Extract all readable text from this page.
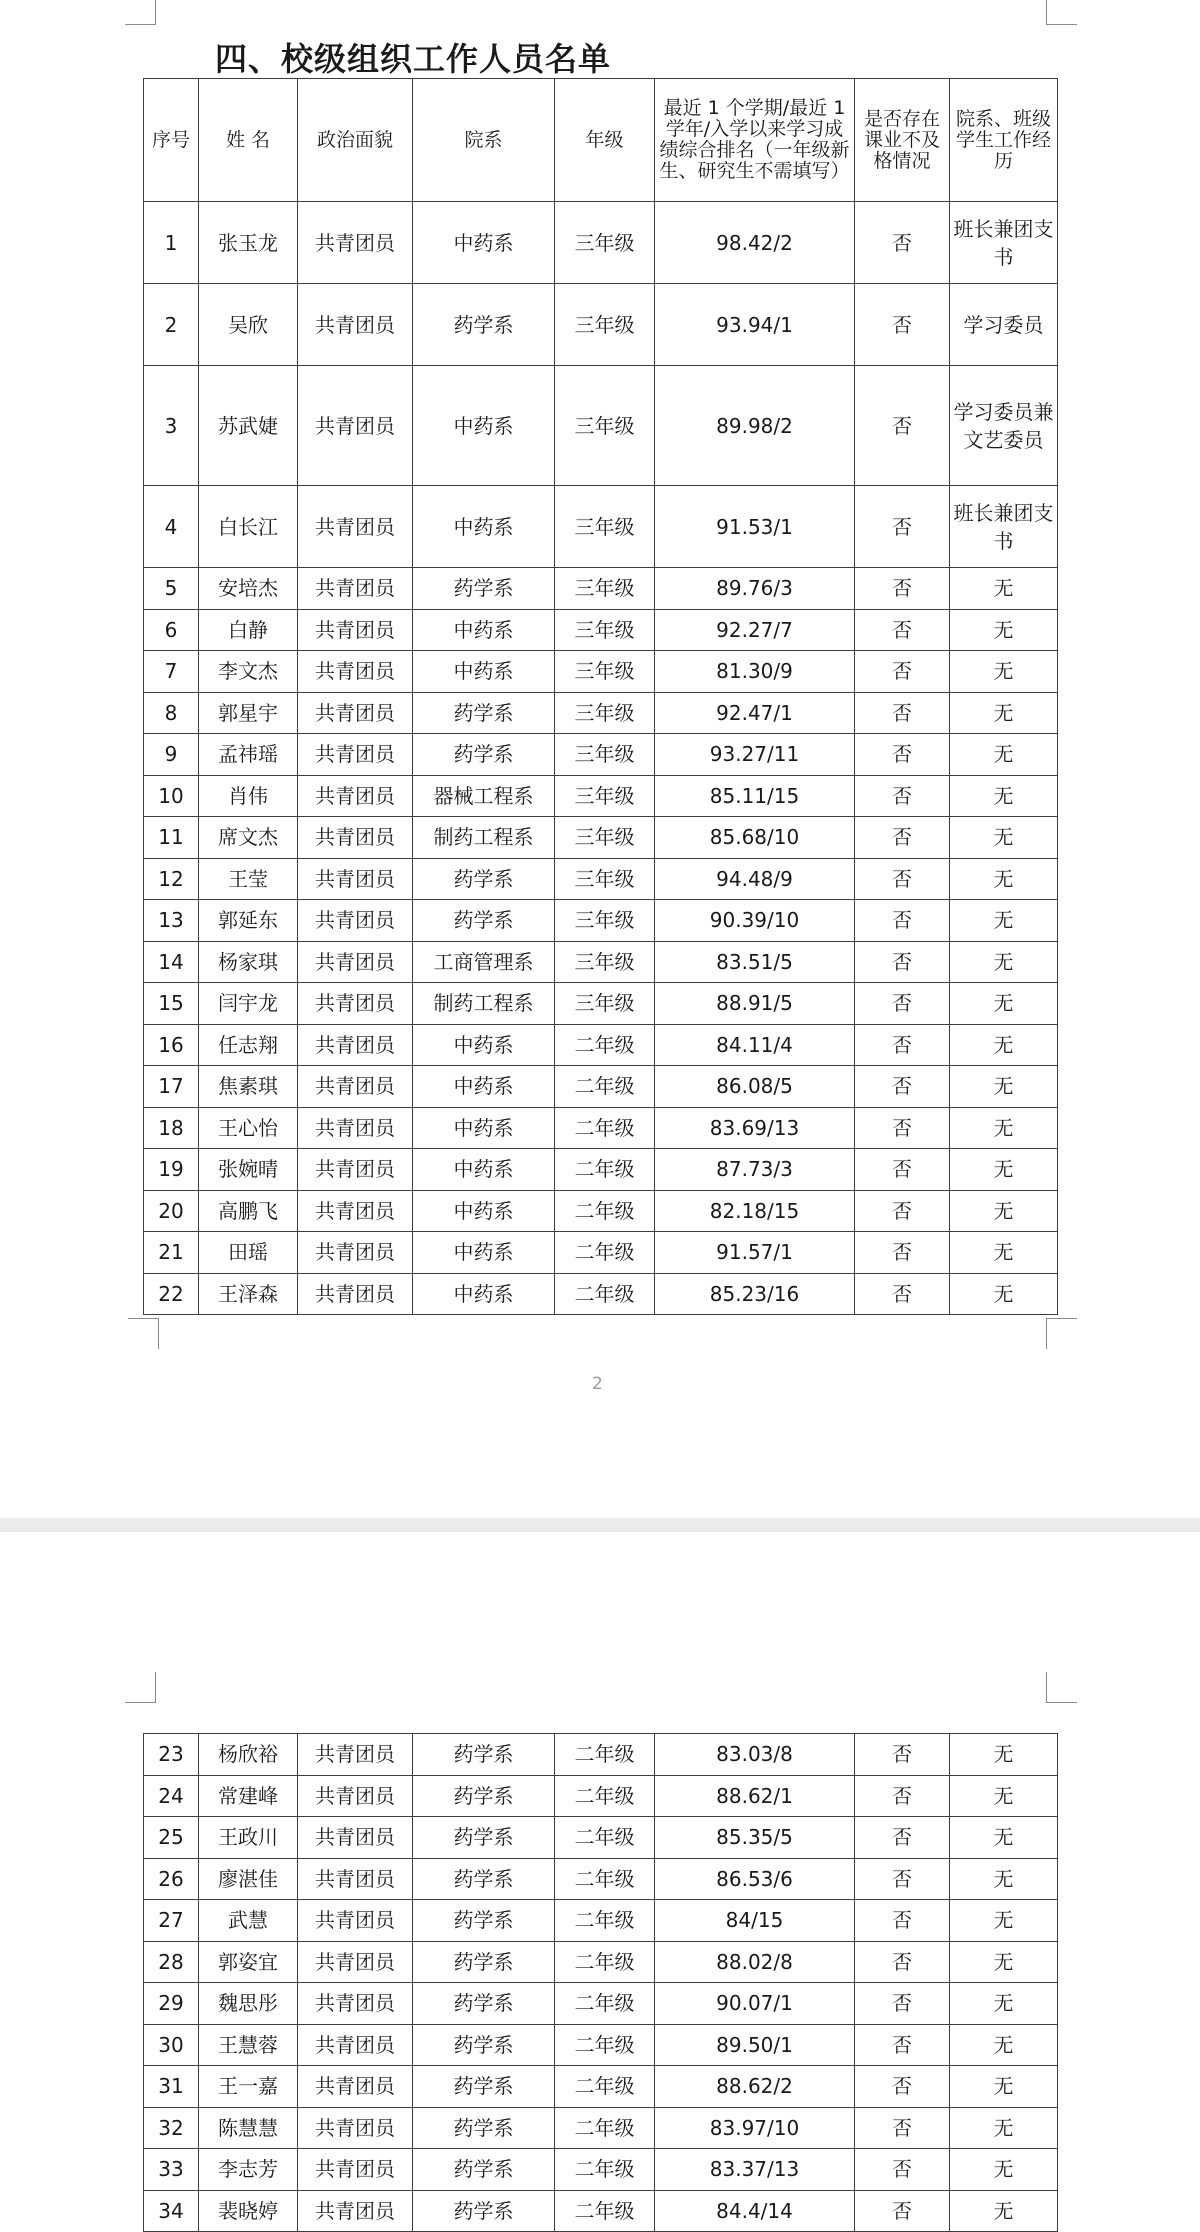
四、校级组织工作人员名单
序号	姓 名	政治面貌	院系	年级	最近 1 个学期/最近 1 学年/入学以来学习成绩综合排名（一年级新生、研究生不需填写）	是否存在课业不及格情况	院系、班级学生工作经历
1	张玉龙	共青团员	中药系	三年级	98.42/2	否	班长兼团支书
2	吴欣	共青团员	药学系	三年级	93.94/1	否	学习委员
3	苏武婕	共青团员	中药系	三年级	89.98/2	否	学习委员兼文艺委员
4	白长江	共青团员	中药系	三年级	91.53/1	否	班长兼团支书
5	安培杰	共青团员	药学系	三年级	89.76/3	否	无
6	白静	共青团员	中药系	三年级	92.27/7	否	无
7	李文杰	共青团员	中药系	三年级	81.30/9	否	无
8	郭星宇	共青团员	药学系	三年级	92.47/1	否	无
9	孟祎瑶	共青团员	药学系	三年级	93.27/11	否	无
10	肖伟	共青团员	器械工程系	三年级	85.11/15	否	无
11	席文杰	共青团员	制药工程系	三年级	85.68/10	否	无
12	王莹	共青团员	药学系	三年级	94.48/9	否	无
13	郭延东	共青团员	药学系	三年级	90.39/10	否	无
14	杨家琪	共青团员	工商管理系	三年级	83.51/5	否	无
15	闫宇龙	共青团员	制药工程系	三年级	88.91/5	否	无
16	任志翔	共青团员	中药系	二年级	84.11/4	否	无
17	焦素琪	共青团员	中药系	二年级	86.08/5	否	无
18	王心怡	共青团员	中药系	二年级	83.69/13	否	无
19	张婉晴	共青团员	中药系	二年级	87.73/3	否	无
20	高鹏飞	共青团员	中药系	二年级	82.18/15	否	无
21	田瑶	共青团员	中药系	二年级	91.57/1	否	无
22	王泽森	共青团员	中药系	二年级	85.23/16	否	无
2
23	杨欣裕	共青团员	药学系	二年级	83.03/8	否	无
24	常建峰	共青团员	药学系	二年级	88.62/1	否	无
25	王政川	共青团员	药学系	二年级	85.35/5	否	无
26	廖湛佳	共青团员	药学系	二年级	86.53/6	否	无
27	武慧	共青团员	药学系	二年级	84/15	否	无
28	郭姿宜	共青团员	药学系	二年级	88.02/8	否	无
29	魏思彤	共青团员	药学系	二年级	90.07/1	否	无
30	王慧蓉	共青团员	药学系	二年级	89.50/1	否	无
31	王一嘉	共青团员	药学系	二年级	88.62/2	否	无
32	陈慧慧	共青团员	药学系	二年级	83.97/10	否	无
33	李志芳	共青团员	药学系	二年级	83.37/13	否	无
34	裴晓婷	共青团员	药学系	二年级	84.4/14	否	无
